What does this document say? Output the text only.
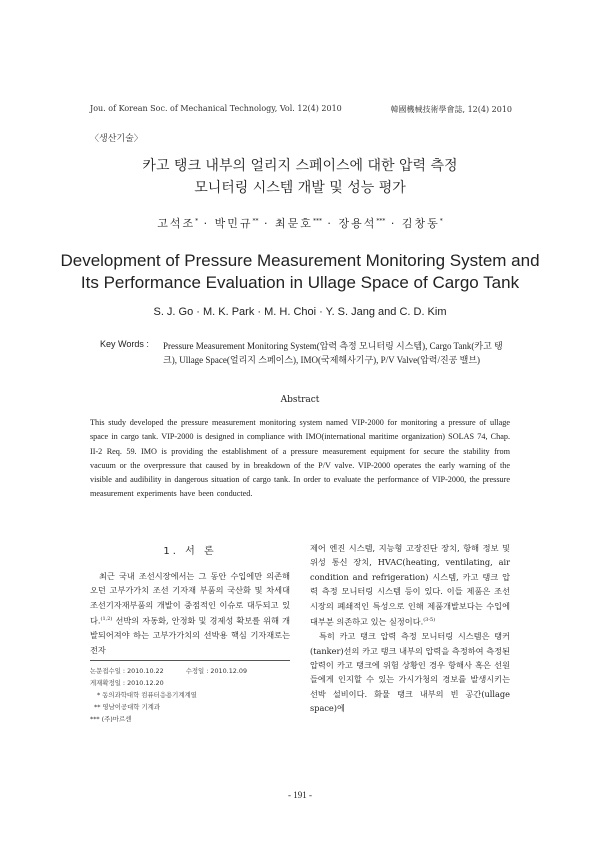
Jou. of Korean Soc. of Mechanical Technology, Vol. 12(4) 2010	韓國機械技術學會誌, 12(4) 2010
〈생산기술〉
카고 탱크 내부의 얼리지 스페이스에 대한 압력 측정
모니터링 시스템 개발 및 성능 평가
고석조* · 박민규** · 최문호*** · 장용석*** · 김창동*
Development of Pressure Measurement Monitoring System and
Its Performance Evaluation in Ullage Space of Cargo Tank
S. J. Go · M. K. Park · M. H. Choi · Y. S. Jang and C. D. Kim
Key Words : Pressure Measurement Monitoring System(압력 측정 모니터링 시스템), Cargo Tank(카고 탱크), Ullage Space(얼리지 스페이스), IMO(국제해사기구), P/V Valve(압력/진공 밸브)
Abstract
This study developed the pressure measurement monitoring system named VIP-2000 for monitoring a pressure of ullage space in cargo tank. VIP-2000 is designed in compliance with IMO(international maritime organization) SOLAS 74, Chap. II-2 Req. 59. IMO is providing the establishment of a pressure measurement equipment for secure the stability from vacuum or the overpressure that caused by in breakdown of the P/V valve. VIP-2000 operates the early warning of the visible and audibility in dangerous situation of cargo tank. In order to evaluate the performance of VIP-2000, the pressure measurement experiments have been conducted.
1. 서 론
최근 국내 조선시장에서는 그 동안 수입에만 의존해 오던 고부가가치 조선 기자재 부품의 국산화 및 차세대 조선기자재부품의 개발이 중점적인 이슈로 대두되고 있다.$^{(1,2)}$ 선박의 자동화, 안정화 및 경제성 확보를 위해 개발되어져야 하는 고부가가치의 선박용 핵심 기자재로는 전자

제어 엔진 시스템, 지능형 고장진단 장치, 항해 정보 및 위성 통신 장치, HVAC(heating, ventilating, air condition and refrigeration) 시스템, 카고 탱크 압력 측정 모니터링 시스템 등이 있다. 이들 제품은 조선 시장의 폐쇄적인 특성으로 인해 제품개발보다는 수입에 대부분 의존하고 있는 실정이다.$^{(3-5)}$

특히 카고 탱크 압력 측정 모니터링 시스템은 탱커(tanker)선의 카고 탱크 내부의 압력을 측정하여 측정된 압력이 카고 탱크에 위험 상황인 경우 항해사 혹은 선원들에게 인지할 수 있는 가시가청의 경보를 발생시키는 선박 설비이다. 화물 탱크 내부의 빈 공간(ullage space)에

논문접수일 : 2010.10.22	수정일 : 2010.12.09
게재확정일 : 2010.12.20
* 동의과학대학 컴퓨터응용기계계열
** 영남이공대학 기계과
*** (주)마르센
- 191 -
